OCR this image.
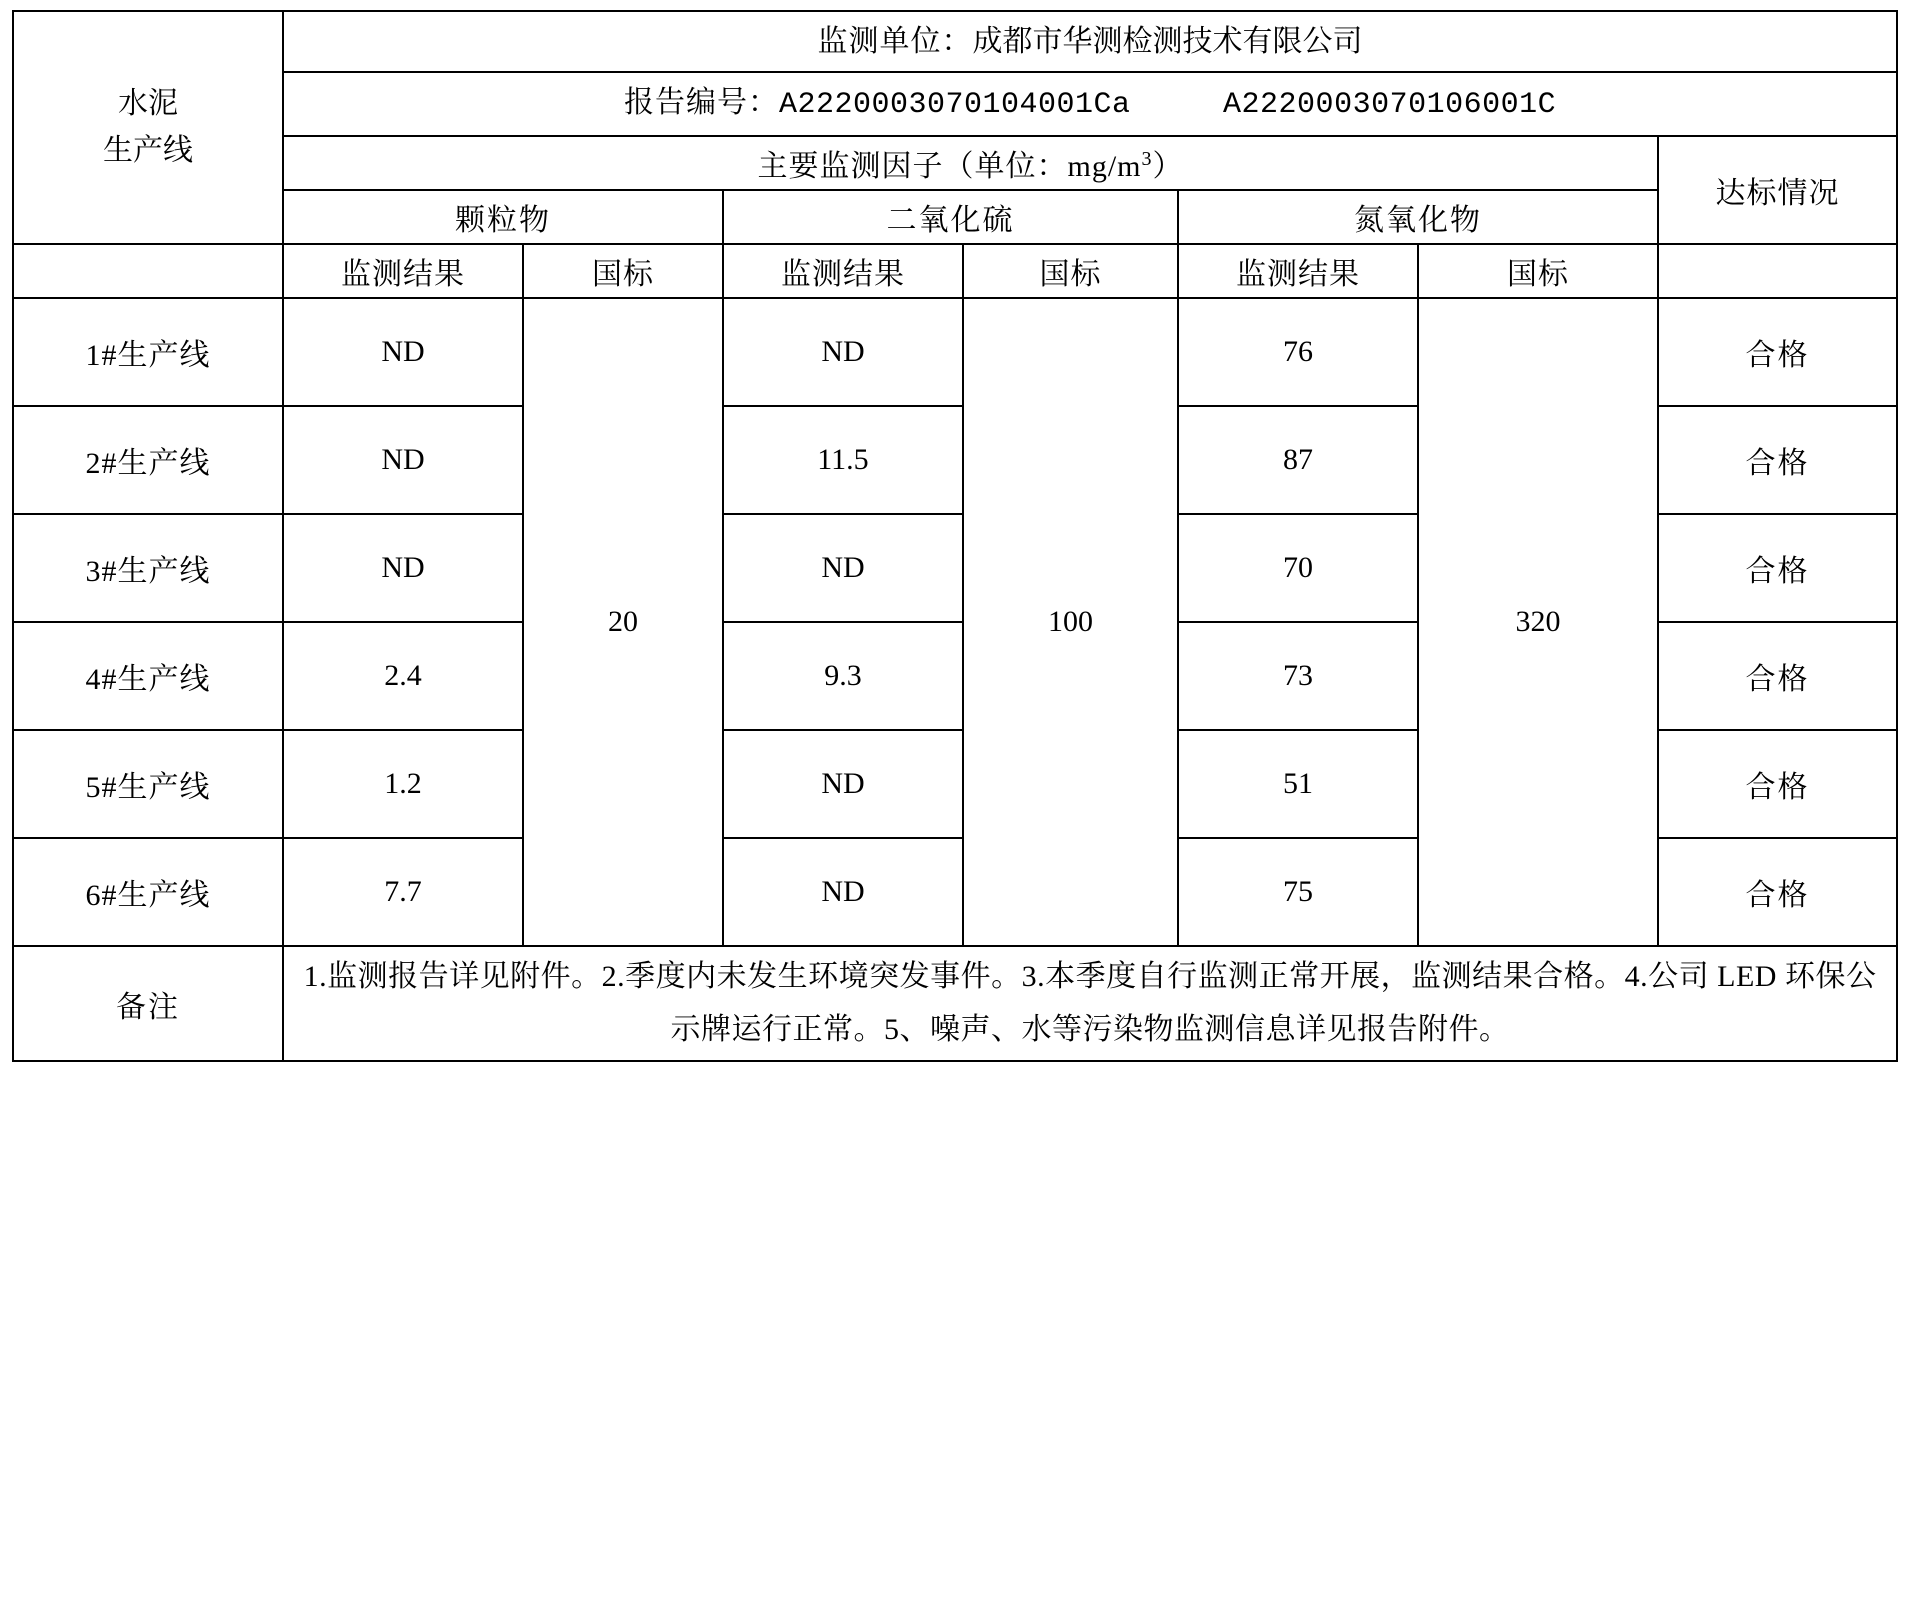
水泥
生产线	监测单位：成都市华测检测技术有限公司						
	报告编号：A2220003070104001Ca A2220003070106001C						
	主要监测因子（单位：$mg/m^3$）						达标情况
	颗粒物		二氧化硫		氮氧化物		
	监测结果	国标	监测结果	国标	监测结果	国标	
1#生产线	ND	20	ND	100	76	320	合格
2#生产线	ND		11.5		87		合格
3#生产线	ND		ND		70		合格
4#生产线	2.4		9.3		73		合格
5#生产线	1.2		ND		51		合格
6#生产线	7.7		ND		75		合格
备注	1.监测报告详见附件。2.季度内未发生环境突发事件。3.本季度自行监测正常开展，监测结果合格。4.公司 LED 环保公示牌运行正常。5、噪声、水等污染物监测信息详见报告附件。						
